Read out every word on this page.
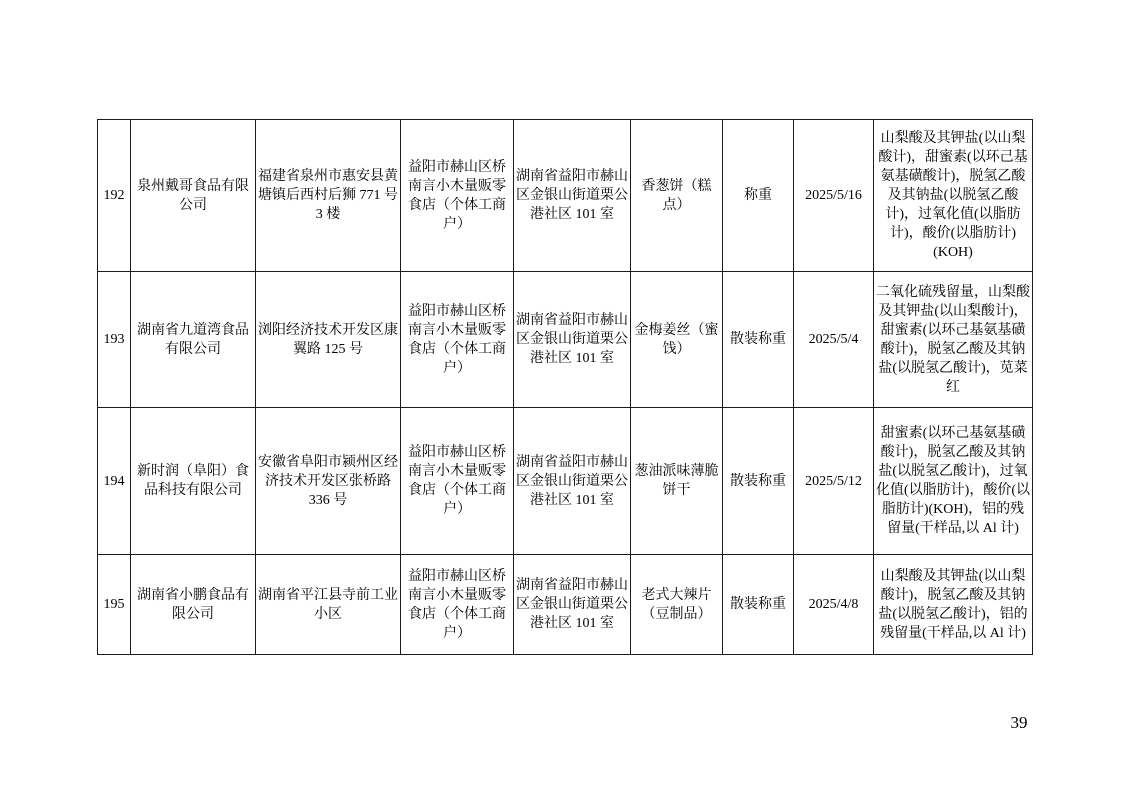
192	泉州戴哥食品有限公司	福建省泉州市惠安县黄塘镇后西村后狮 771 号 3 楼	益阳市赫山区桥南言小木量贩零食店（个体工商户）	湖南省益阳市赫山区金银山街道栗公港社区 101 室	香葱饼（糕点）	称重	2025/5/16	山梨酸及其钾盐(以山梨酸计)，甜蜜素(以环己基氨基磺酸计)，脱氢乙酸及其钠盐(以脱氢乙酸计)，过氧化值(以脂肪计)，酸价(以脂肪计)(KOH)
193	湖南省九道湾食品有限公司	浏阳经济技术开发区康翼路 125 号	益阳市赫山区桥南言小木量贩零食店（个体工商户）	湖南省益阳市赫山区金银山街道栗公港社区 101 室	金梅姜丝（蜜饯）	散装称重	2025/5/4	二氧化硫残留量，山梨酸及其钾盐(以山梨酸计)，甜蜜素(以环己基氨基磺酸计)，脱氢乙酸及其钠盐(以脱氢乙酸计)，苋菜红
194	新时润（阜阳）食品科技有限公司	安徽省阜阳市颍州区经济技术开发区张桥路 336 号	益阳市赫山区桥南言小木量贩零食店（个体工商户）	湖南省益阳市赫山区金银山街道栗公港社区 101 室	葱油派味薄脆饼干	散装称重	2025/5/12	甜蜜素(以环己基氨基磺酸计)，脱氢乙酸及其钠盐(以脱氢乙酸计)，过氧化值(以脂肪计)，酸价(以脂肪计)(KOH)，铝的残留量(干样品,以 Al 计)
195	湖南省小鹏食品有限公司	湖南省平江县寺前工业小区	益阳市赫山区桥南言小木量贩零食店（个体工商户）	湖南省益阳市赫山区金银山街道栗公港社区 101 室	老式大辣片（豆制品）	散装称重	2025/4/8	山梨酸及其钾盐(以山梨酸计)，脱氢乙酸及其钠盐(以脱氢乙酸计)，铝的残留量(干样品,以 Al 计)
39
